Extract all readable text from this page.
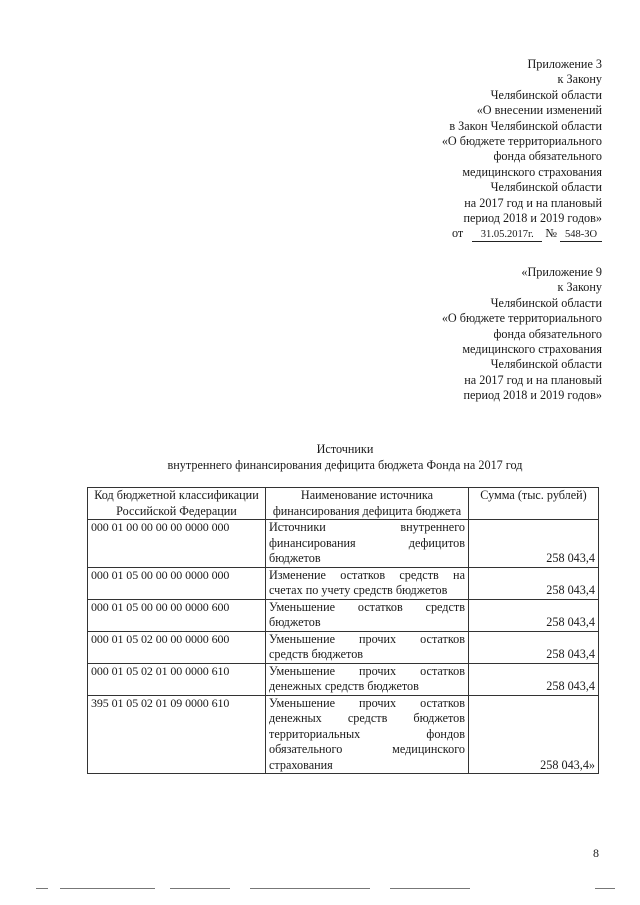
Приложение 3
к Закону
Челябинской области
«О внесении изменений
в Закон Челябинской области
«О бюджете территориального
фонда обязательного
медицинского страхования
Челябинской области
на 2017 год и на плановый
период 2018 и 2019 годов»
от 31.05.2017г. № 548-ЗО
«Приложение 9
к Закону
Челябинской области
«О бюджете территориального
фонда обязательного
медицинского страхования
Челябинской области
на 2017 год и на плановый
период 2018 и 2019 годов»
Источники
внутреннего финансирования дефицита бюджета Фонда на 2017 год
Код бюджетной классификации Российской Федерации	Наименование источника финансирования дефицита бюджета	Сумма (тыс. рублей)
000 01 00 00 00 00 0000 000	Источники внутреннего финансирования дефицитов бюджетов	258 043,4
000 01 05 00 00 00 0000 000	Изменение остатков средств на счетах по учету средств бюджетов	258 043,4
000 01 05 00 00 00 0000 600	Уменьшение остатков средств бюджетов	258 043,4
000 01 05 02 00 00 0000 600	Уменьшение прочих остатков средств бюджетов	258 043,4
000 01 05 02 01 00 0000 610	Уменьшение прочих остатков денежных средств бюджетов	258 043,4
395 01 05 02 01 09 0000 610	Уменьшение прочих остатков денежных средств бюджетов территориальных фондов обязательного медицинского страхования	258 043,4»
8
